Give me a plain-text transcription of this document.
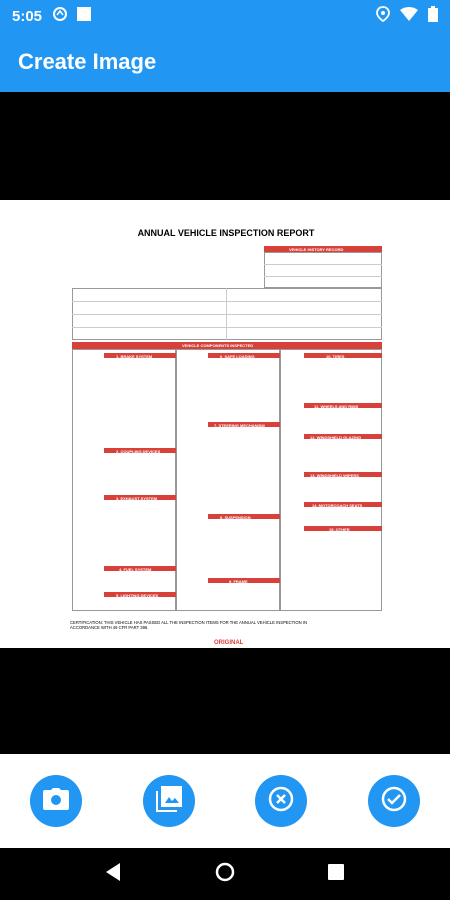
5:05
Create Image
ANNUAL VEHICLE INSPECTION REPORT
VEHICLE HISTORY RECORD
VEHICLE COMPONENTS INSPECTED
1. BRAKE SYSTEM
2. COUPLING DEVICES
3. EXHAUST SYSTEM
4. FUEL SYSTEM
5. LIGHTING DEVICES
6. SAFE LOADING
7. STEERING MECHANISM
8. SUSPENSION
9. FRAME
10. TIRES
11. WHEELS AND RIMS
12. WINDSHIELD GLAZING
13. WINDSHIELD WIPERS
14. MOTORCOACH SEATS
15. OTHER
CERTIFICATION: THIS VEHICLE HAS PASSED ALL THE INSPECTION ITEMS FOR THE ANNUAL VEHICLE INSPECTION IN ACCORDANCE WITH 49 CFR PART 396.
ORIGINAL
